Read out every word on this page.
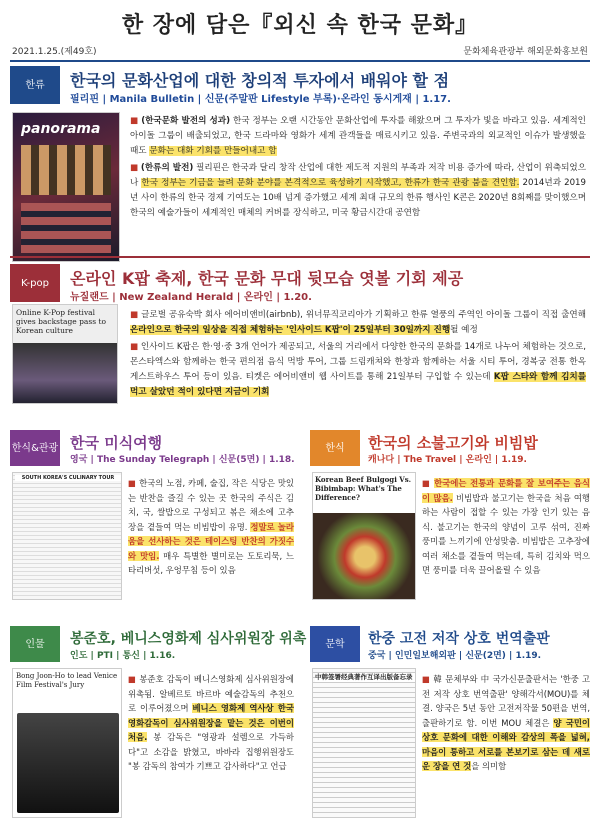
한 장에 담은『외신 속 한국 문화』
2021.1.25.(제49호)	문화체육관광부 해외문화홍보원
한류	한국의 문화산업에 대한 창의적 투자에서 배워야 할 점
필리핀 | Manila Bulletin | 신문(주말판 Lifestyle 부록)·온라인 동시게재 | 1.17.
panorama	■ (한국문화 발전의 성과) 한국 정부는 오랜 시간동안 문화산업에 투자를 해왔으며 그 투자가 빛을 바라고 있음. 세계적인 아이돌 그룹이 배출되었고, 한국 드라마와 영화가 세계 관객들을 매료시키고 있음. 주변국과의 외교적인 이슈가 발생했을 때도 문화는 대화 기회를 만들어내고 함

■ (한류의 발전) 필리핀은 한국과 달리 창작 산업에 대한 제도적 지원의 부족과 저작 비용 증가에 따라, 산업이 위축되었으나 한국 정부는 기금을 늘려 문화 분야를 본격적으로 육성하기 시작했고, 한류가 한국 관광 붐을 견인함. 2014년과 2019년 사이 한류의 한국 경제 기여도는 10배 넘게 증가했고 세계 최대 규모의 한류 행사인 K콘은 2020년 8회째를 맞이했으며 한국의 예술가들이 세계적인 매체의 커버를 장식하고, 미국 황금시간대 공연함

K-pop	온라인 K팝 축제, 한국 문화 무대 뒷모습 엿볼 기회 제공
뉴질랜드 | New Zealand Herald | 온라인 | 1.20.
Online K-Pop festival gives backstage pass to Korean culture

■ 글로벌 공유숙박 회사 에어비앤비(airbnb), 위너뮤직코리아가 기획하고 한류 열풍의 주역인 아이돌 그룹이 직접 출연해 온라인으로 한국의 일상을 직접 체험하는 '인사이드 K팝'이 25일부터 30일까지 진행될 예정

■ 인사이드 K팝은 한·영·중 3개 언어가 제공되고, 서울의 거리에서 다양한 한국의 문화를 14개로 나누어 체험하는 것으로, 몬스타엑스와 함께하는 한국 편의점 음식 먹방 투어, 그룹 드림캐쳐와 한창과 함께하는 서울 시티 투어, 경복궁 전통 한옥 게스트하우스 투어 등이 있음. 티켓은 에어비앤비 웹 사이트를 통해 21일부터 구입할 수 있는데 K팝 스타와 함께 김치를 먹고 살았던 적이 있다면 지금이 기회

한식&관광 한국 미식여행
영국 | The Sunday Telegraph | 신문(5면) | 1.18.
SOUTH KOREA'S CULINARY TOUR	■ 한국의 노점, 카페, 술집, 작은 식당은 맛있는 반찬을 즐길 수 있는 곳 한국의 주식은 김치, 국, 쌀밥으로 구성되고 볶은 채소에 고추장을 곁들여 먹는 비빔밥이 유명. 정말로 놀라움을 선사하는 것은 테이스팅 반찬의 가짓수와 맛임. 매우 특별한 별미로는 도토리묵, 느타리버섯, 우엉무침 등이 있음

한식	한국의 소불고기와 비빔밥
캐나다 | The Travel | 온라인 | 1.19.
Korean Beef Bulgogi Vs. Bibimbap: What's The Difference?

■ 한국에는 전통과 문화를 잘 보여주는 음식이 많음. 비빔밥과 불고기는 한국을 처음 여행하는 사람이 접할 수 있는 가장 인기 있는 음식. 불고기는 한국의 양념이 고루 섞여, 진짜 풍미를 느끼기에 안성맞춤. 비빔밥은 고추장에 여러 채소를 곁들여 먹는데, 특히 김치와 먹으면 풍미를 더욱 끌어올릴 수 있음

인물	봉준호, 베니스영화제 심사위원장 위촉
인도 | PTI | 통신 | 1.16.
Bong Joon-Ho to lead Venice Film Festival's Jury

■ 봉준호 감독이 베니스영화제 심사위원장에 위촉됨. 알베르토 바르바 예술감독의 추천으로 이루어졌으며 베니스 영화제 역사상 한국 영화감독이 심사위원장을 맡는 것은 이번이 처음. 봉 감독은 "영광과 설렘으로 가득하다"고 소감을 밝혔고, 바바라 집행위원장도 "봉 감독의 참여가 기쁘고 감사하다"고 언급

문학	한중 고전 저작 상호 번역출판
중국 | 인민일보해외판 | 신문(2면) | 1.19.
中韩签署经典著作互译出版备忘录 ■ 韓 문체부와 中 국가신문출판서는 '한중 고전 저작 상호 번역출판' 양해각서(MOU)를 체결. 양국은 5년 동안 고전저작물 50편을 번역, 출판하기로 함. 이번 MOU 체결은 양 국민이 상호 문화에 대한 이해와 감상의 폭을 넓혀, 마음이 통하고 서로를 본보기로 삼는 데 새로운 장을 연 것을 의미함
